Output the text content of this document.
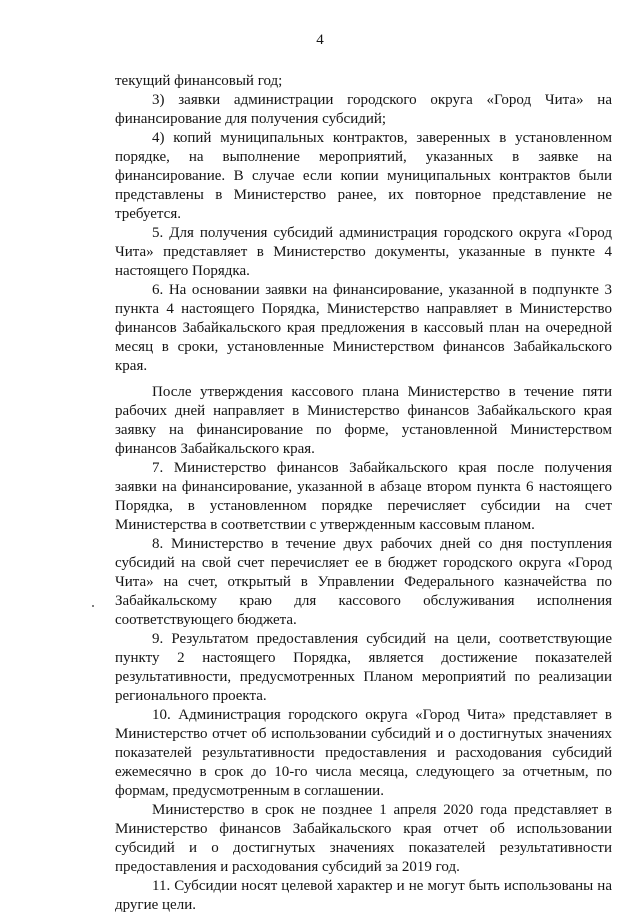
4

текущий финансовый год;

3) заявки администрации городского округа «Город Чита» на финансирование для получения субсидий;

4) копий муниципальных контрактов, заверенных в установленном порядке, на выполнение мероприятий, указанных в заявке на финансирование. В случае если копии муниципальных контрактов были представлены в Министерство ранее, их повторное представление не требуется.

5. Для получения субсидий администрация городского округа «Город Чита» представляет в Министерство документы, указанные в пункте 4 настоящего Порядка.

6. На основании заявки на финансирование, указанной в подпункте 3 пункта 4 настоящего Порядка, Министерство направляет в Министерство финансов Забайкальского края предложения в кассовый план на очередной месяц в сроки, установленные Министерством финансов Забайкальского края.

После утверждения кассового плана Министерство в течение пяти рабочих дней направляет в Министерство финансов Забайкальского края заявку на финансирование по форме, установленной Министерством финансов Забайкальского края.

7. Министерство финансов Забайкальского края после получения заявки на финансирование, указанной в абзаце втором пункта 6 настоящего Порядка, в установленном порядке перечисляет субсидии на счет Министерства в соответствии с утвержденным кассовым планом.

8. Министерство в течение двух рабочих дней со дня поступления субсидий на свой счет перечисляет ее в бюджет городского округа «Город Чита» на счет, открытый в Управлении Федерального казначейства по Забайкальскому краю для кассового обслуживания исполнения соответствующего бюджета.

9. Результатом предоставления субсидий на цели, соответствующие пункту 2 настоящего Порядка, является достижение показателей результативности, предусмотренных Планом мероприятий по реализации регионального проекта.

10. Администрация городского округа «Город Чита» представляет в Министерство отчет об использовании субсидий и о достигнутых значениях показателей результативности предоставления и расходования субсидий ежемесячно в срок до 10-го числа месяца, следующего за отчетным, по формам, предусмотренным в соглашении.

Министерство в срок не позднее 1 апреля 2020 года представляет в Министерство финансов Забайкальского края отчет об использовании субсидий и о достигнутых значениях показателей результативности предоставления и расходования субсидий за 2019 год.

11. Субсидии носят целевой характер и не могут быть использованы на другие цели.
